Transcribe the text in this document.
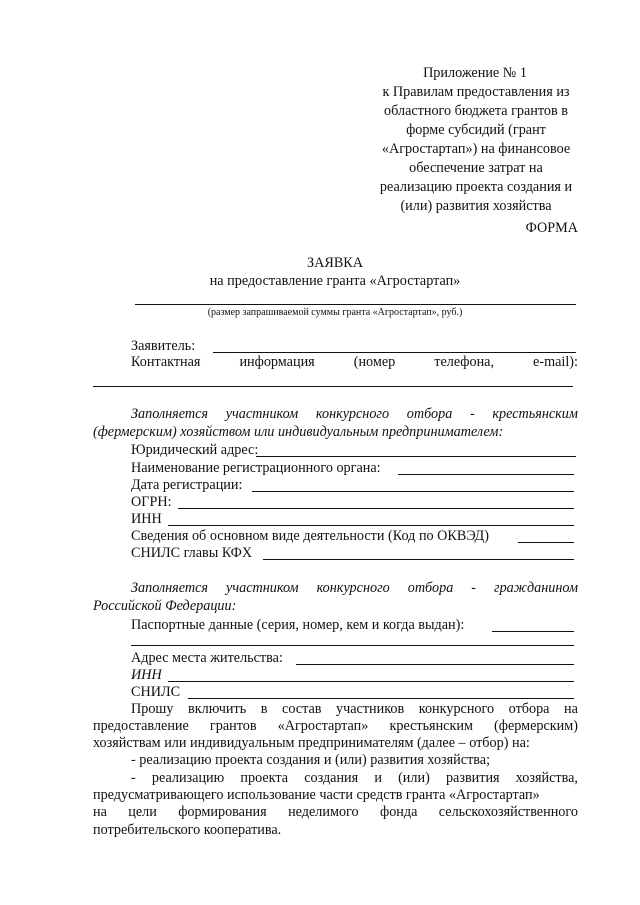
Приложение № 1
к Правилам предоставления из
областного бюджета грантов в
форме субсидий (грант
«Агростартап») на финансовое
обеспечение затрат на
реализацию проекта создания и
(или) развития хозяйства
ФОРМА
ЗАЯВКА
на предоставление гранта «Агростартап»
(размер запрашиваемой суммы гранта «Агростартап», руб.)
Заявитель:
Контактная	информация	(номер	телефона,	e-mail):
Заполняется участником конкурсного отбора - крестьянским
(фермерским) хозяйством или индивидуальным предпринимателем:
Юридический адрес:
Наименование регистрационного органа:
Дата регистрации:
ОГРН:
ИНН
Сведения об основном виде деятельности (Код по ОКВЭД)
СНИЛС главы КФХ
Заполняется участником конкурсного отбора - гражданином
Российской Федерации:
Паспортные данные (серия, номер, кем и когда выдан):
Адрес места жительства:
ИНН
СНИЛС
Прошу включить в состав участников конкурсного отбора на
предоставление грантов «Агростартап» крестьянским (фермерским)
хозяйствам или индивидуальным предпринимателям (далее – отбор) на:
- реализацию проекта создания и (или) развития хозяйства;
- реализацию проекта создания и (или) развития хозяйства,
предусматривающего использование части средств гранта «Агростартап»
на цели формирования неделимого фонда сельскохозяйственного
потребительского кооператива.
